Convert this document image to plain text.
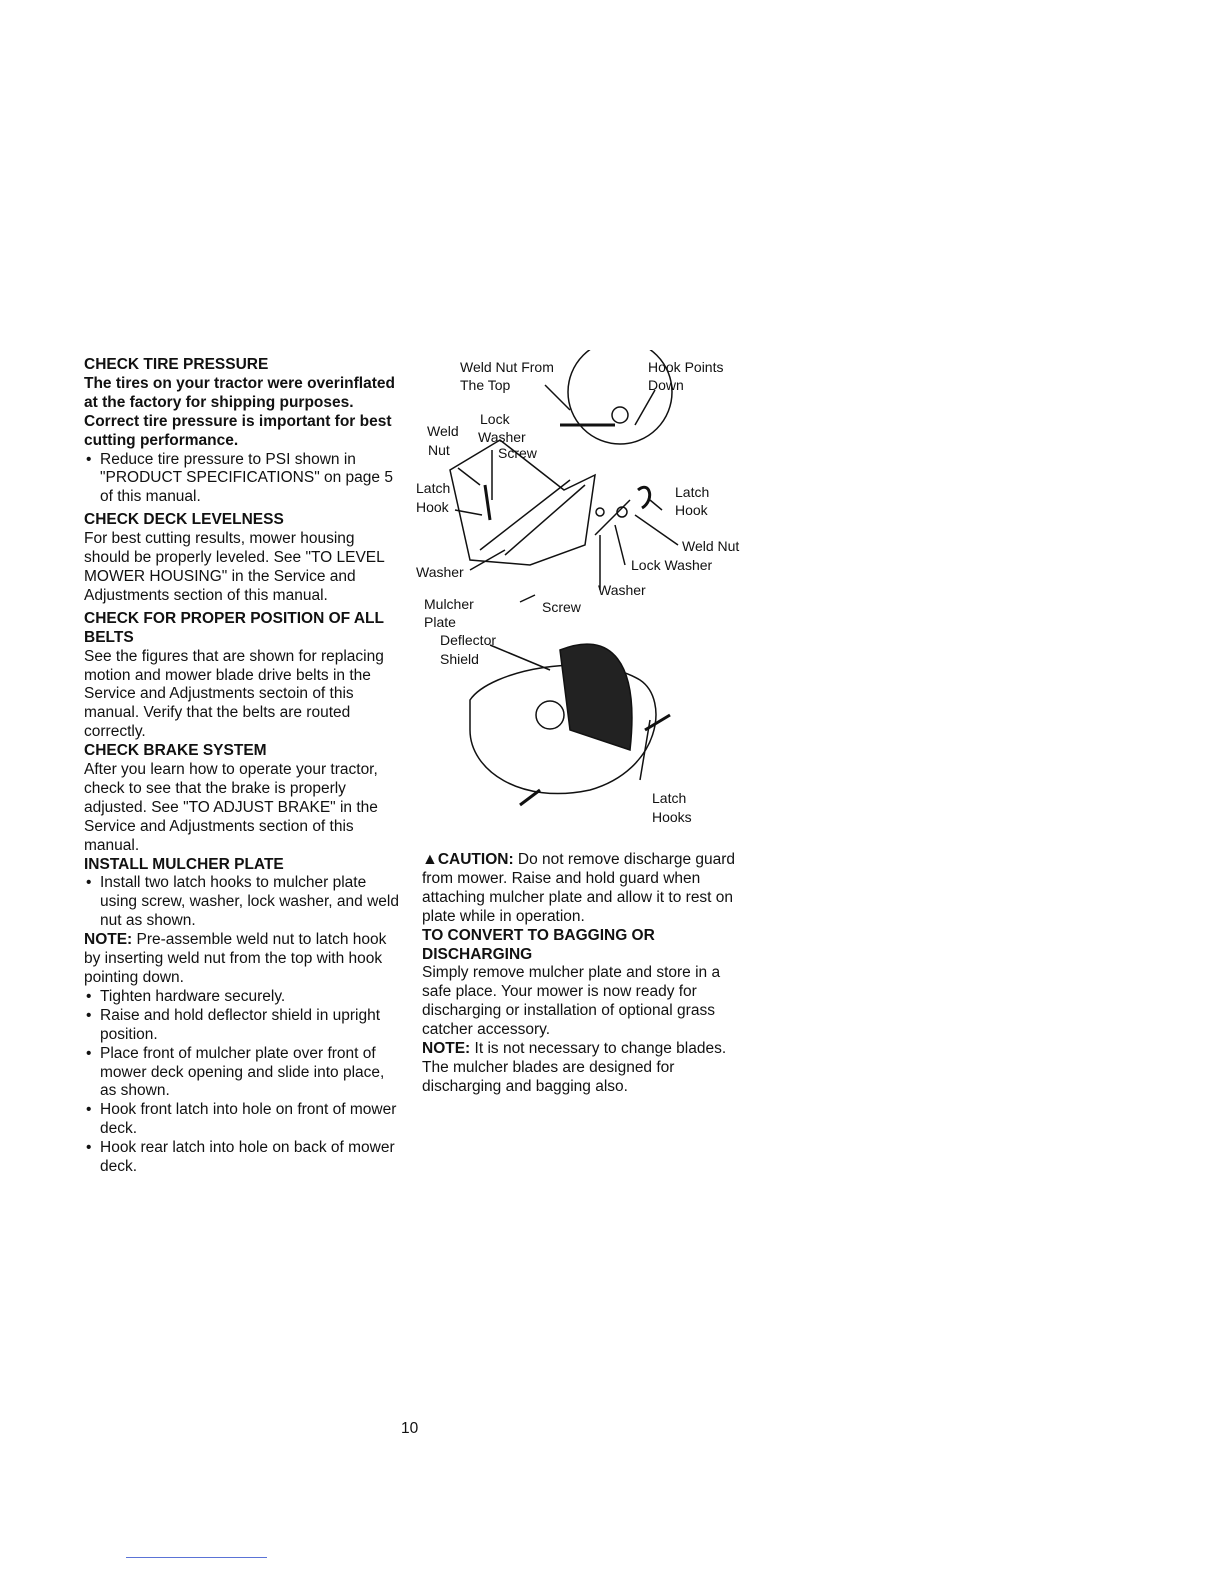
CHECK TIRE PRESSURE

The tires on your tractor were overinflated at the factory for shipping purposes. Correct tire pressure is important for best cutting performance.

• Reduce tire pressure to PSI shown in "PRODUCT SPECIFICATIONS" on page 5 of this manual.
CHECK DECK LEVELNESS

For best cutting results, mower housing should be properly leveled. See "TO LEVEL MOWER HOUSING" in the Service and Adjustments section of this manual.

CHECK FOR PROPER POSITION OF ALL BELTS

See the figures that are shown for replacing motion and mower blade drive belts in the Service and Adjustments sectoin of this manual. Verify that the belts are routed correctly.

CHECK BRAKE SYSTEM

After you learn how to operate your tractor, check to see that the brake is properly adjusted. See "TO ADJUST BRAKE" in the Service and Adjustments section of this manual.

INSTALL MULCHER PLATE
• Install two latch hooks to mulcher plate using screw, washer, lock washer, and weld nut as shown.

NOTE: Pre-assemble weld nut to latch hook by inserting weld nut from the top with hook pointing down.

• Tighten hardware securely.
• Raise and hold deflector shield in upright position.
• Place front of mulcher plate over front of mower deck opening and slide into place, as shown.
• Hook front latch into hole on front of mower deck.
• Hook rear latch into hole on back of mower deck.
Weld Nut From
The Top
Hook Points
Down
Lock
Washer
Weld
Nut	Screw
Latch
Hook
Latch
Hook
Weld Nut
Lock Washer
Washer
Washer
Mulcher
Plate
Screw
Deflector
Shield
Latch
Hooks

▲CAUTION: Do not remove discharge guard from mower. Raise and hold guard when attaching mulcher plate and allow it to rest on plate while in operation.

TO CONVERT TO BAGGING OR DISCHARGING

Simply remove mulcher plate and store in a safe place. Your mower is now ready for discharging or installation of optional grass catcher accessory.

NOTE: It is not necessary to change blades. The mulcher blades are designed for discharging and bagging also.

10
